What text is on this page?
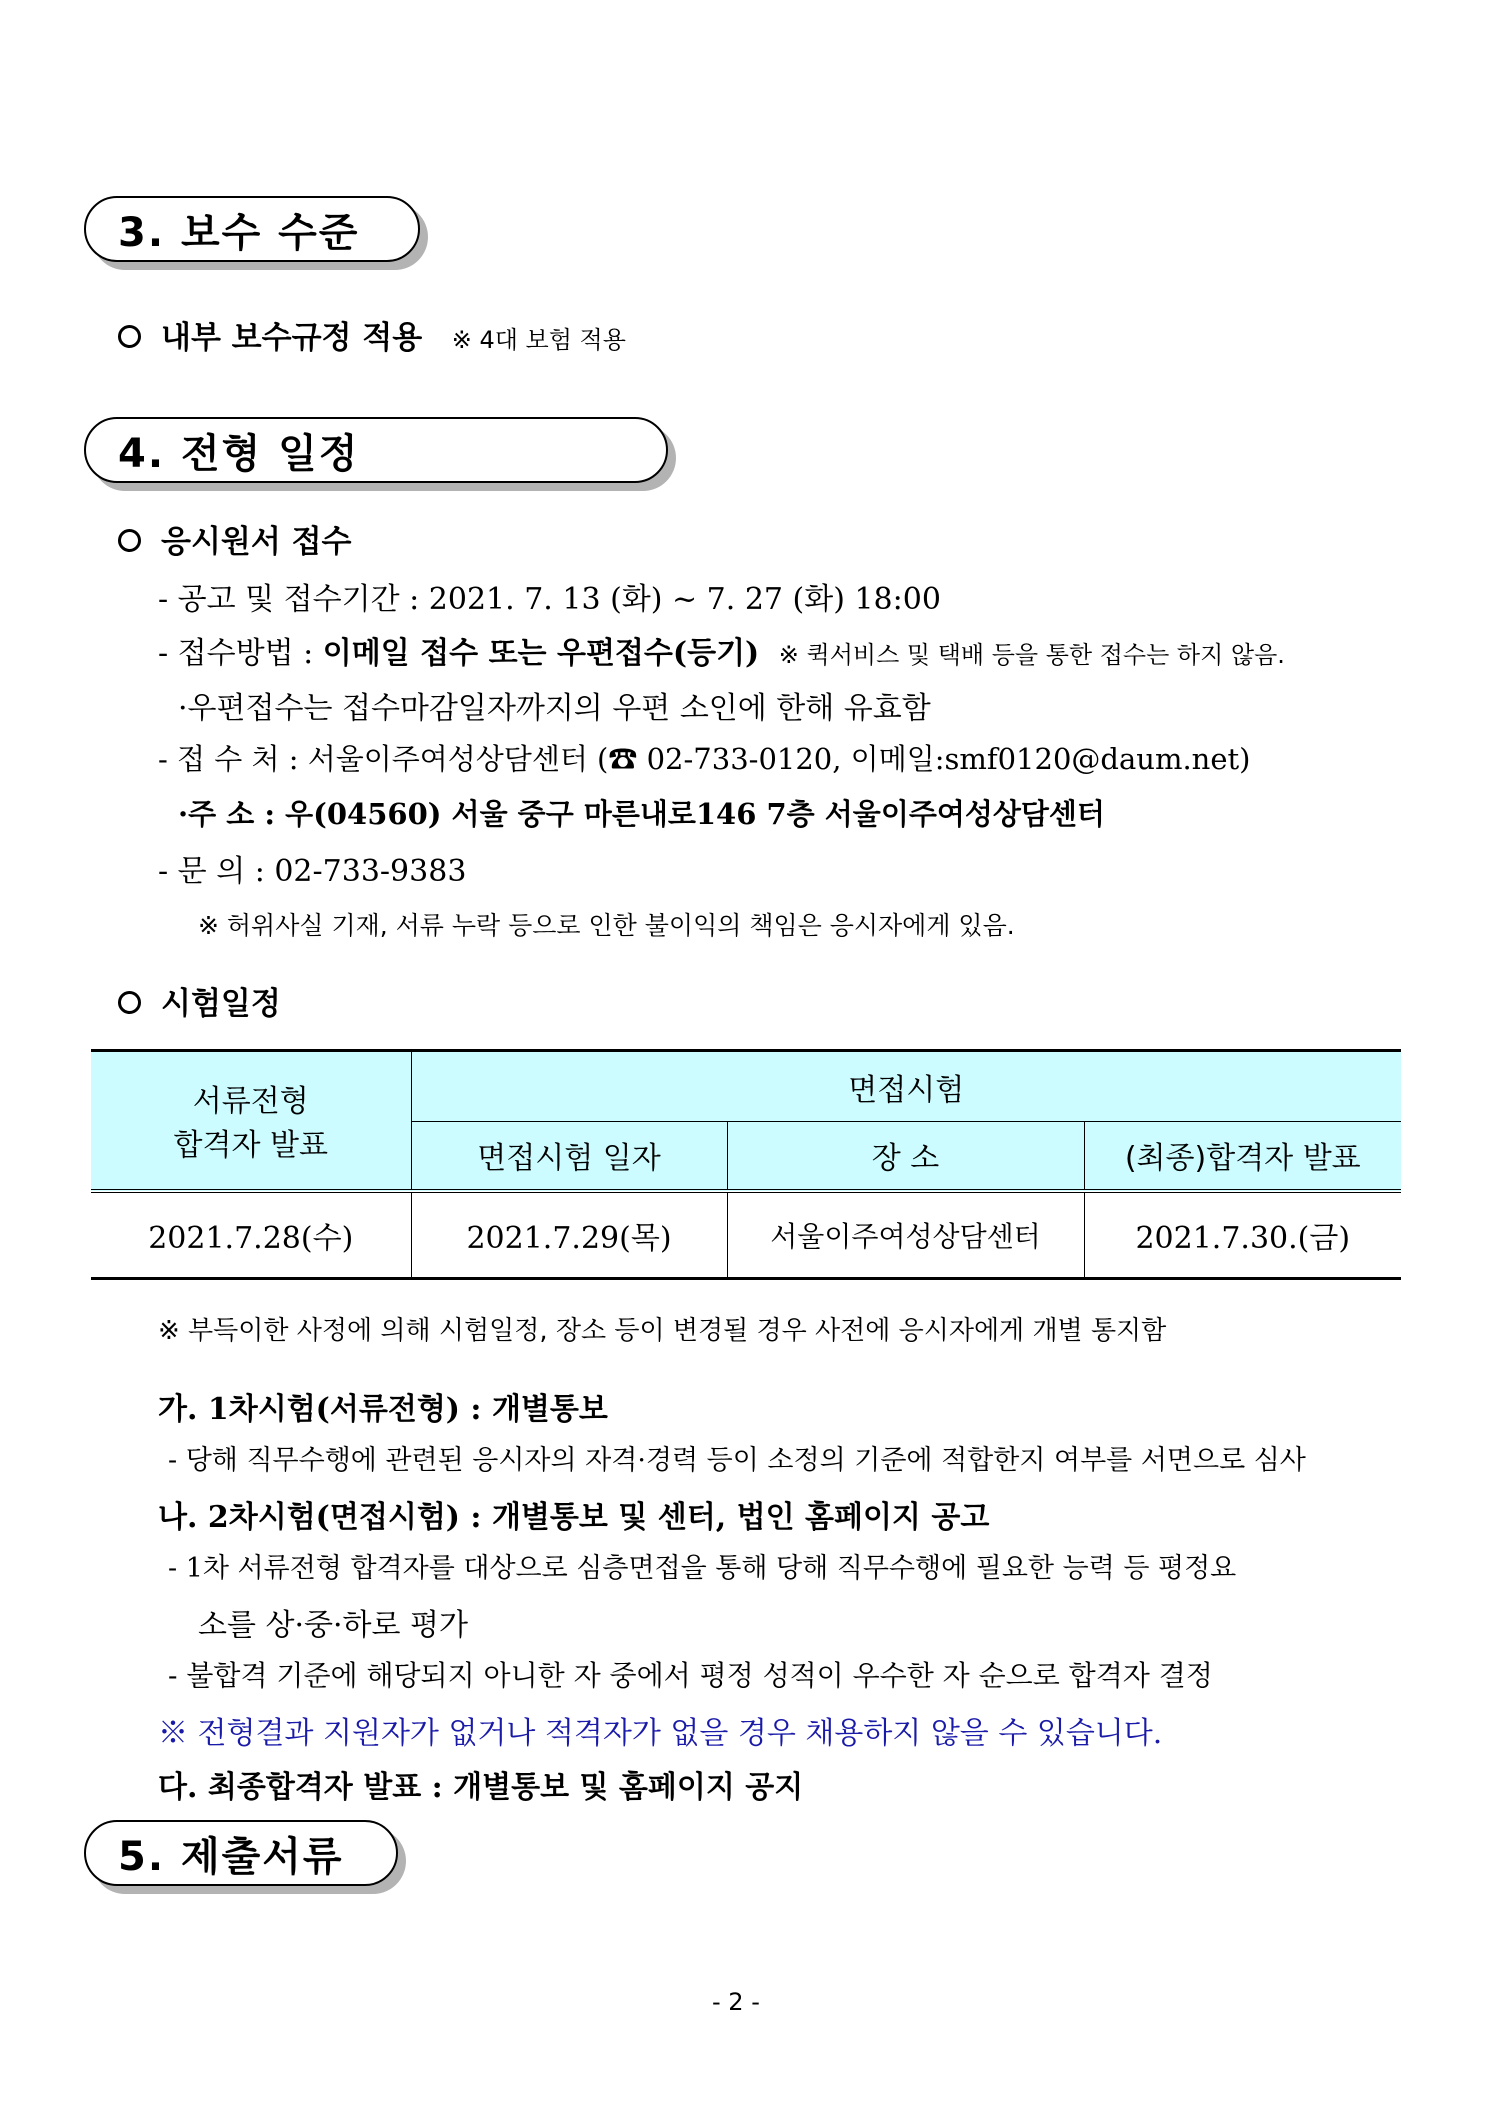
3. 보수 수준
내부 보수규정 적용 ※ 4대 보험 적용
4. 전형 일정
응시원서 접수
- 공고 및 접수기간 : 2021. 7. 13 (화) ~ 7. 27 (화) 18:00
- 접수방법 : 이메일 접수 또는 우편접수(등기) ※ 퀵서비스 및 택배 등을 통한 접수는 하지 않음.
·우편접수는 접수마감일자까지의 우편 소인에 한해 유효함
- 접 수 처 : 서울이주여성상담센터 (☎ 02-733-0120, 이메일:smf0120@daum.net)
·주 소 : 우(04560) 서울 중구 마른내로146 7층 서울이주여성상담센터
- 문 의 : 02-733-9383
※ 허위사실 기재, 서류 누락 등으로 인한 불이익의 책임은 응시자에게 있음.
시험일정
서류전형
합격자 발표	면접시험		
	면접시험 일자	장 소	(최종)합격자 발표
2021.7.28(수)	2021.7.29(목)	서울이주여성상담센터	2021.7.30.(금)
※ 부득이한 사정에 의해 시험일정, 장소 등이 변경될 경우 사전에 응시자에게 개별 통지함
가. 1차시험(서류전형) : 개별통보
- 당해 직무수행에 관련된 응시자의 자격·경력 등이 소정의 기준에 적합한지 여부를 서면으로 심사
나. 2차시험(면접시험) : 개별통보 및 센터, 법인 홈페이지 공고
- 1차 서류전형 합격자를 대상으로 심층면접을 통해 당해 직무수행에 필요한 능력 등 평정요
소를 상·중·하로 평가
- 불합격 기준에 해당되지 아니한 자 중에서 평정 성적이 우수한 자 순으로 합격자 결정
※ 전형결과 지원자가 없거나 적격자가 없을 경우 채용하지 않을 수 있습니다.
다. 최종합격자 발표 : 개별통보 및 홈페이지 공지
5. 제출서류
- 2 -
